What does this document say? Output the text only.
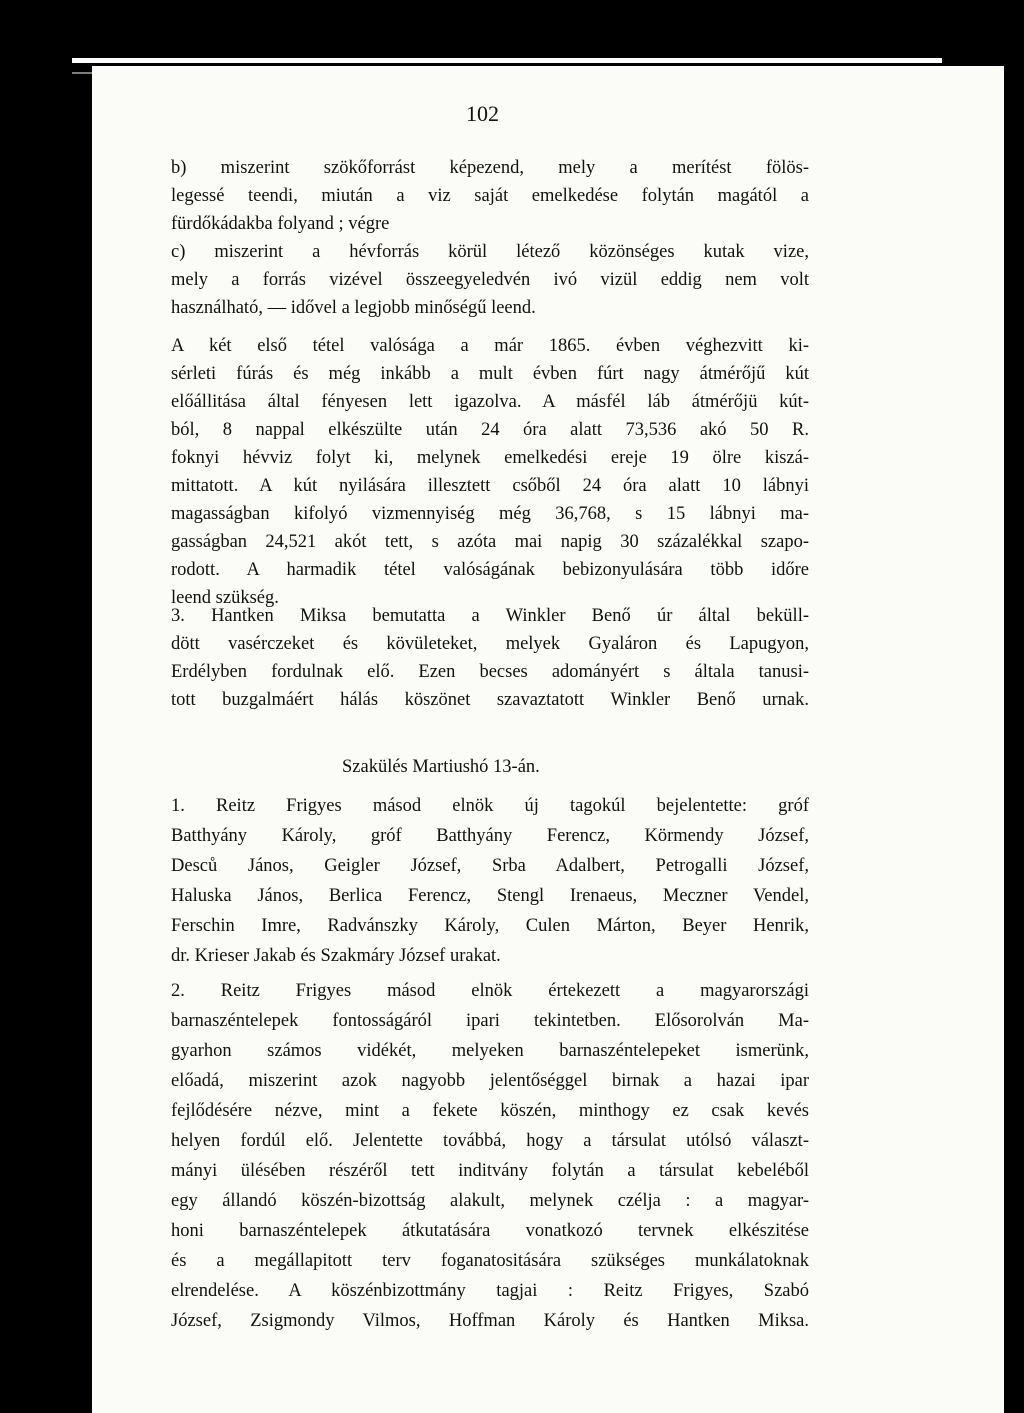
102
b) miszerint szökőforrást képezend, mely a merítést fölös-
legessé teendi, miután a viz saját emelkedése folytán magától a
fürdőkádakba folyand ; végre
c) miszerint a hévforrás körül létező közönséges kutak vize,
mely a forrás vizével összeegyeledvén ivó vizül eddig nem volt
használható, — idővel a legjobb minőségű leend.
A két első tétel valósága a már 1865. évben véghezvitt ki-
sérleti fúrás és még inkább a mult évben fúrt nagy átmérőjű kút
előállitása által fényesen lett igazolva. A másfél láb átmérőjü kút-
ból, 8 nappal elkészülte után 24 óra alatt 73,536 akó 50 R.
foknyi hévviz folyt ki, melynek emelkedési ereje 19 ölre kiszá-
mittatott. A kút nyilására illesztett csőből 24 óra alatt 10 lábnyi
magasságban kifolyó vizmennyiség még 36,768, s 15 lábnyi ma-
gasságban 24,521 akót tett, s azóta mai napig 30 százalékkal szapo-
rodott. A harmadik tétel valóságának bebizonyulására több időre
leend szükség.
3. Hantken Miksa bemutatta a Winkler Benő úr által beküll-
dött vasérczeket és kövületeket, melyek Gyaláron és Lapugyon,
Erdélyben fordulnak elő. Ezen becses adományért s általa tanusi-
tott buzgalmáért hálás köszönet szavaztatott Winkler Benő urnak.
Szakülés Martiushó 13-án.
1. Reitz Frigyes másod elnök új tagokúl bejelentette: gróf
Batthyány Károly, gróf Batthyány Ferencz, Körmendy József,
Desců János, Geigler József, Srba Adalbert, Petrogalli József,
Haluska János, Berlica Ferencz, Stengl Irenaeus, Meczner Vendel,
Ferschin Imre, Radvánszky Károly, Culen Márton, Beyer Henrik,
dr. Krieser Jakab és Szakmáry József urakat.
2. Reitz Frigyes másod elnök értekezett a magyarországi
barnaszéntelepek fontosságáról ipari tekintetben. Elősorolván Ma-
gyarhon számos vidékét, melyeken barnaszéntelepeket ismerünk,
előadá, miszerint azok nagyobb jelentőséggel birnak a hazai ipar
fejlődésére nézve, mint a fekete köszén, minthogy ez csak kevés
helyen fordúl elő. Jelentette továbbá, hogy a társulat utólsó választ-
mányi ülésében részéről tett inditvány folytán a társulat kebeléből
egy állandó köszén-bizottság alakult, melynek czélja : a magyar-
honi barnaszéntelepek átkutatására vonatkozó tervnek elkészitése
és a megállapitott terv foganatositására szükséges munkálatoknak
elrendelése. A köszénbizottmány tagjai : Reitz Frigyes, Szabó
József, Zsigmondy Vilmos, Hoffman Károly és Hantken Miksa.
